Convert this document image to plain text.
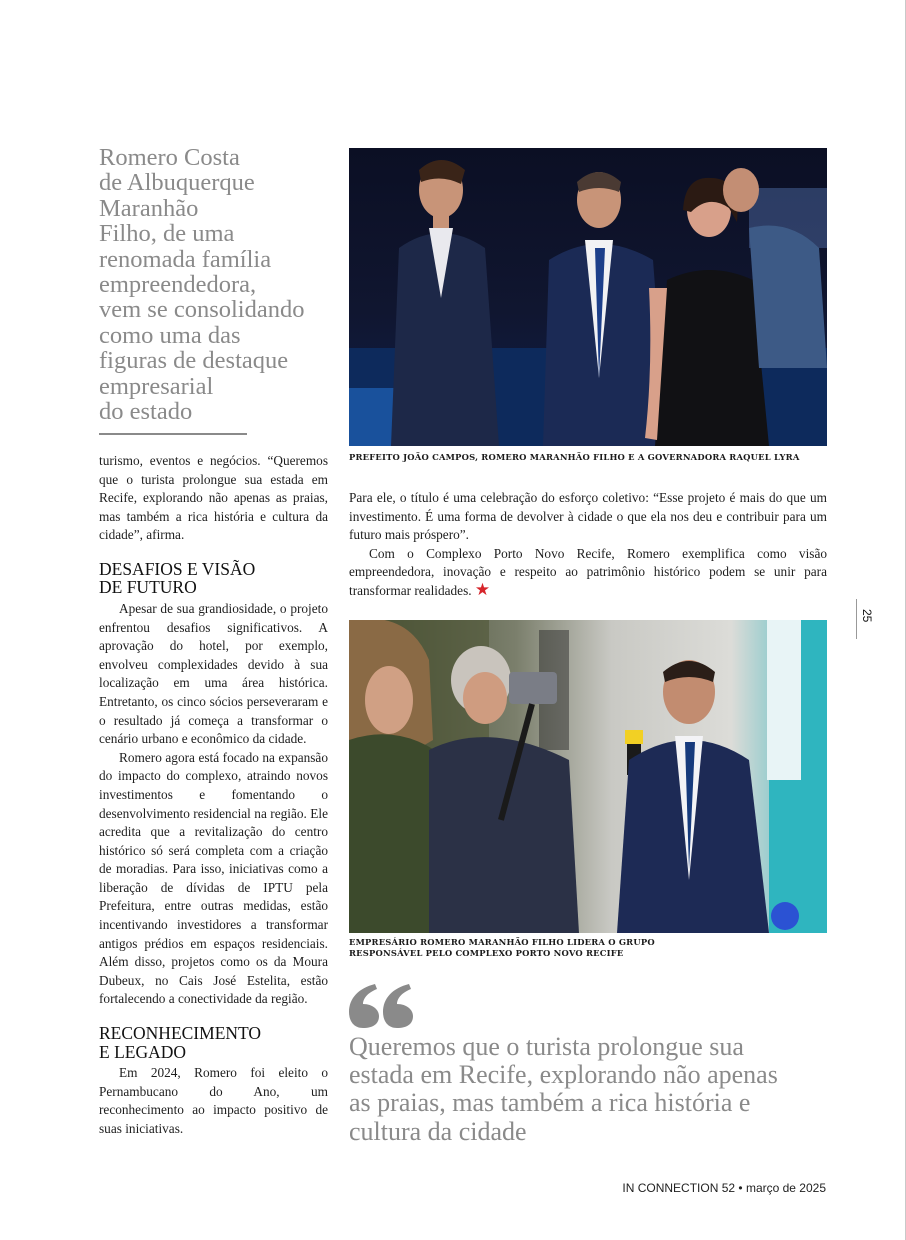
Romero Costa
de Albuquerque
Maranhão
Filho, de uma
renomada família
empreendedora,
vem se consolidando
como uma das
figuras de destaque
empresarial
do estado

turismo, eventos e negócios. “Queremos que o turista prolongue sua estada em Recife, explorando não apenas as praias, mas também a rica história e cultura da cidade”, afirma.

DESAFIOS E VISÃO
DE FUTURO

Apesar de sua grandiosidade, o projeto enfrentou desafios significativos. A aprovação do hotel, por exemplo, envolveu complexidades devido à sua localização em uma área histórica. Entretanto, os cinco sócios perseveraram e o resultado já começa a transformar o cenário urbano e econômico da cidade.

Romero agora está focado na expansão do impacto do complexo, atraindo novos investimentos e fomentando o desenvolvimento residencial na região. Ele acredita que a revitalização do centro histórico só será completa com a criação de moradias. Para isso, iniciativas como a liberação de dívidas de IPTU pela Prefeitura, entre outras medidas, estão incentivando investidores a transformar antigos prédios em espaços residenciais. Além disso, projetos como os da Moura Dubeux, no Cais José Estelita, estão fortalecendo a conectividade da região.

RECONHECIMENTO
E LEGADO

Em 2024, Romero foi eleito o Pernambucano do Ano, um reconhecimento ao impacto positivo de suas iniciativas.

PREFEITO JOÃO CAMPOS, ROMERO MARANHÃO FILHO E A GOVERNADORA RAQUEL LYRA

Para ele, o título é uma celebração do esforço coletivo: “Esse projeto é mais do que um investimento. É uma forma de devolver à cidade o que ela nos deu e contribuir para um futuro mais próspero”.

Com o Complexo Porto Novo Recife, Romero exemplifica como visão empreendedora, inovação e respeito ao patrimônio histórico podem se unir para transformar realidades. ★

25

EMPRESÁRIO ROMERO MARANHÃO FILHO LIDERA O GRUPO
RESPONSÁVEL PELO COMPLEXO PORTO NOVO RECIFE

Queremos que o turista prolongue sua
estada em Recife, explorando não apenas
as praias, mas também a rica história e
cultura da cidade

IN CONNECTION 52 • março de 2025
